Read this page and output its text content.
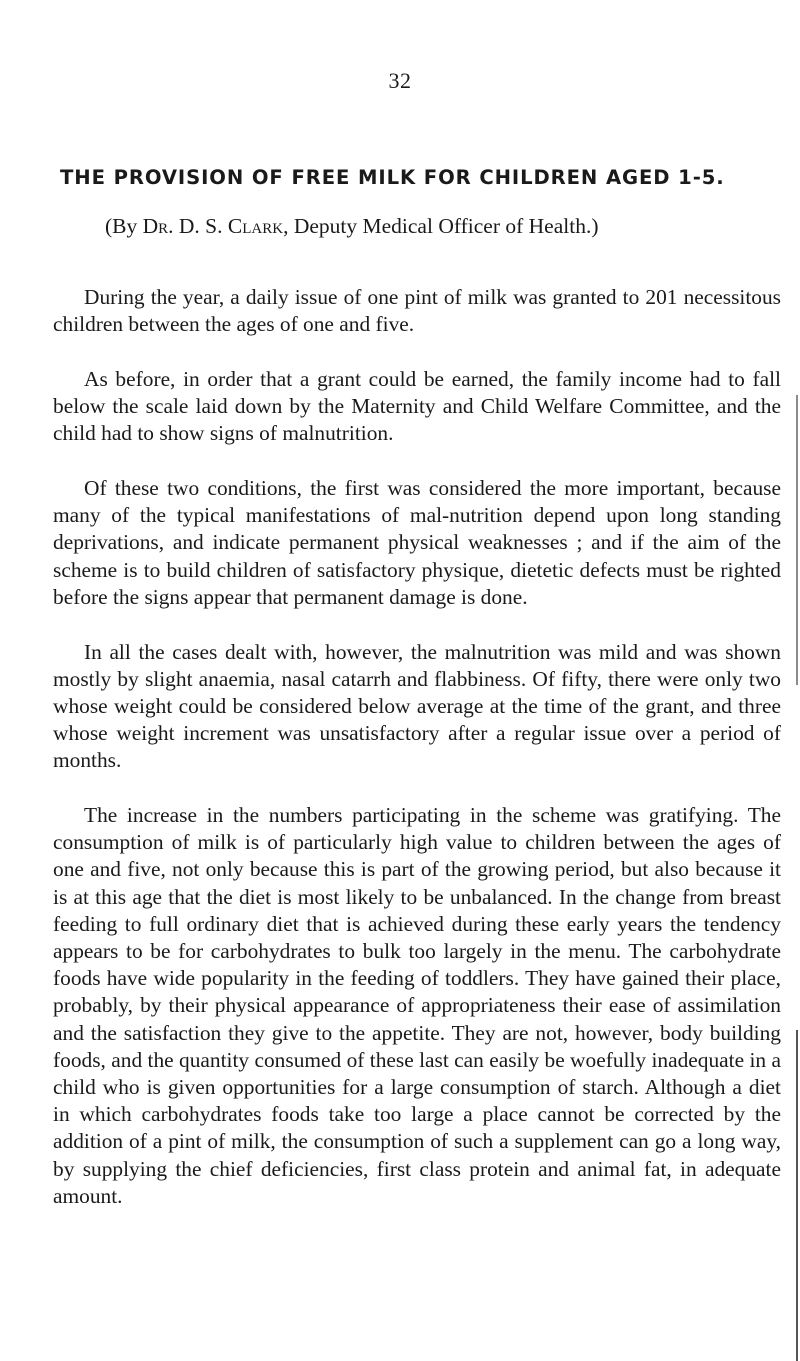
32
THE PROVISION OF FREE MILK FOR CHILDREN AGED 1-5.
(By Dr. D. S. Clark, Deputy Medical Officer of Health.)

During the year, a daily issue of one pint of milk was granted to 201 necessitous children between the ages of one and five.

As before, in order that a grant could be earned, the family income had to fall below the scale laid down by the Maternity and Child Welfare Committee, and the child had to show signs of malnutrition.

Of these two conditions, the first was considered the more important, because many of the typical manifestations of mal-nutrition depend upon long standing deprivations, and indicate permanent physical weaknesses ; and if the aim of the scheme is to build children of satisfactory physique, dietetic defects must be righted before the signs appear that permanent damage is done.

In all the cases dealt with, however, the malnutrition was mild and was shown mostly by slight anaemia, nasal catarrh and flabbiness. Of fifty, there were only two whose weight could be considered below average at the time of the grant, and three whose weight increment was unsatisfactory after a regular issue over a period of months.

The increase in the numbers participating in the scheme was gratifying. The consumption of milk is of particularly high value to children between the ages of one and five, not only because this is part of the growing period, but also because it is at this age that the diet is most likely to be unbalanced. In the change from breast feeding to full ordinary diet that is achieved during these early years the tendency appears to be for carbohydrates to bulk too largely in the menu. The carbohydrate foods have wide popularity in the feeding of toddlers. They have gained their place, probably, by their physical appearance of appropriateness their ease of assimilation and the satisfaction they give to the appetite. They are not, however, body building foods, and the quantity consumed of these last can easily be woefully inadequate in a child who is given opportunities for a large consumption of starch. Although a diet in which carbohydrates foods take too large a place cannot be corrected by the addition of a pint of milk, the consumption of such a supplement can go a long way, by supplying the chief deficiencies, first class protein and animal fat, in adequate amount.
